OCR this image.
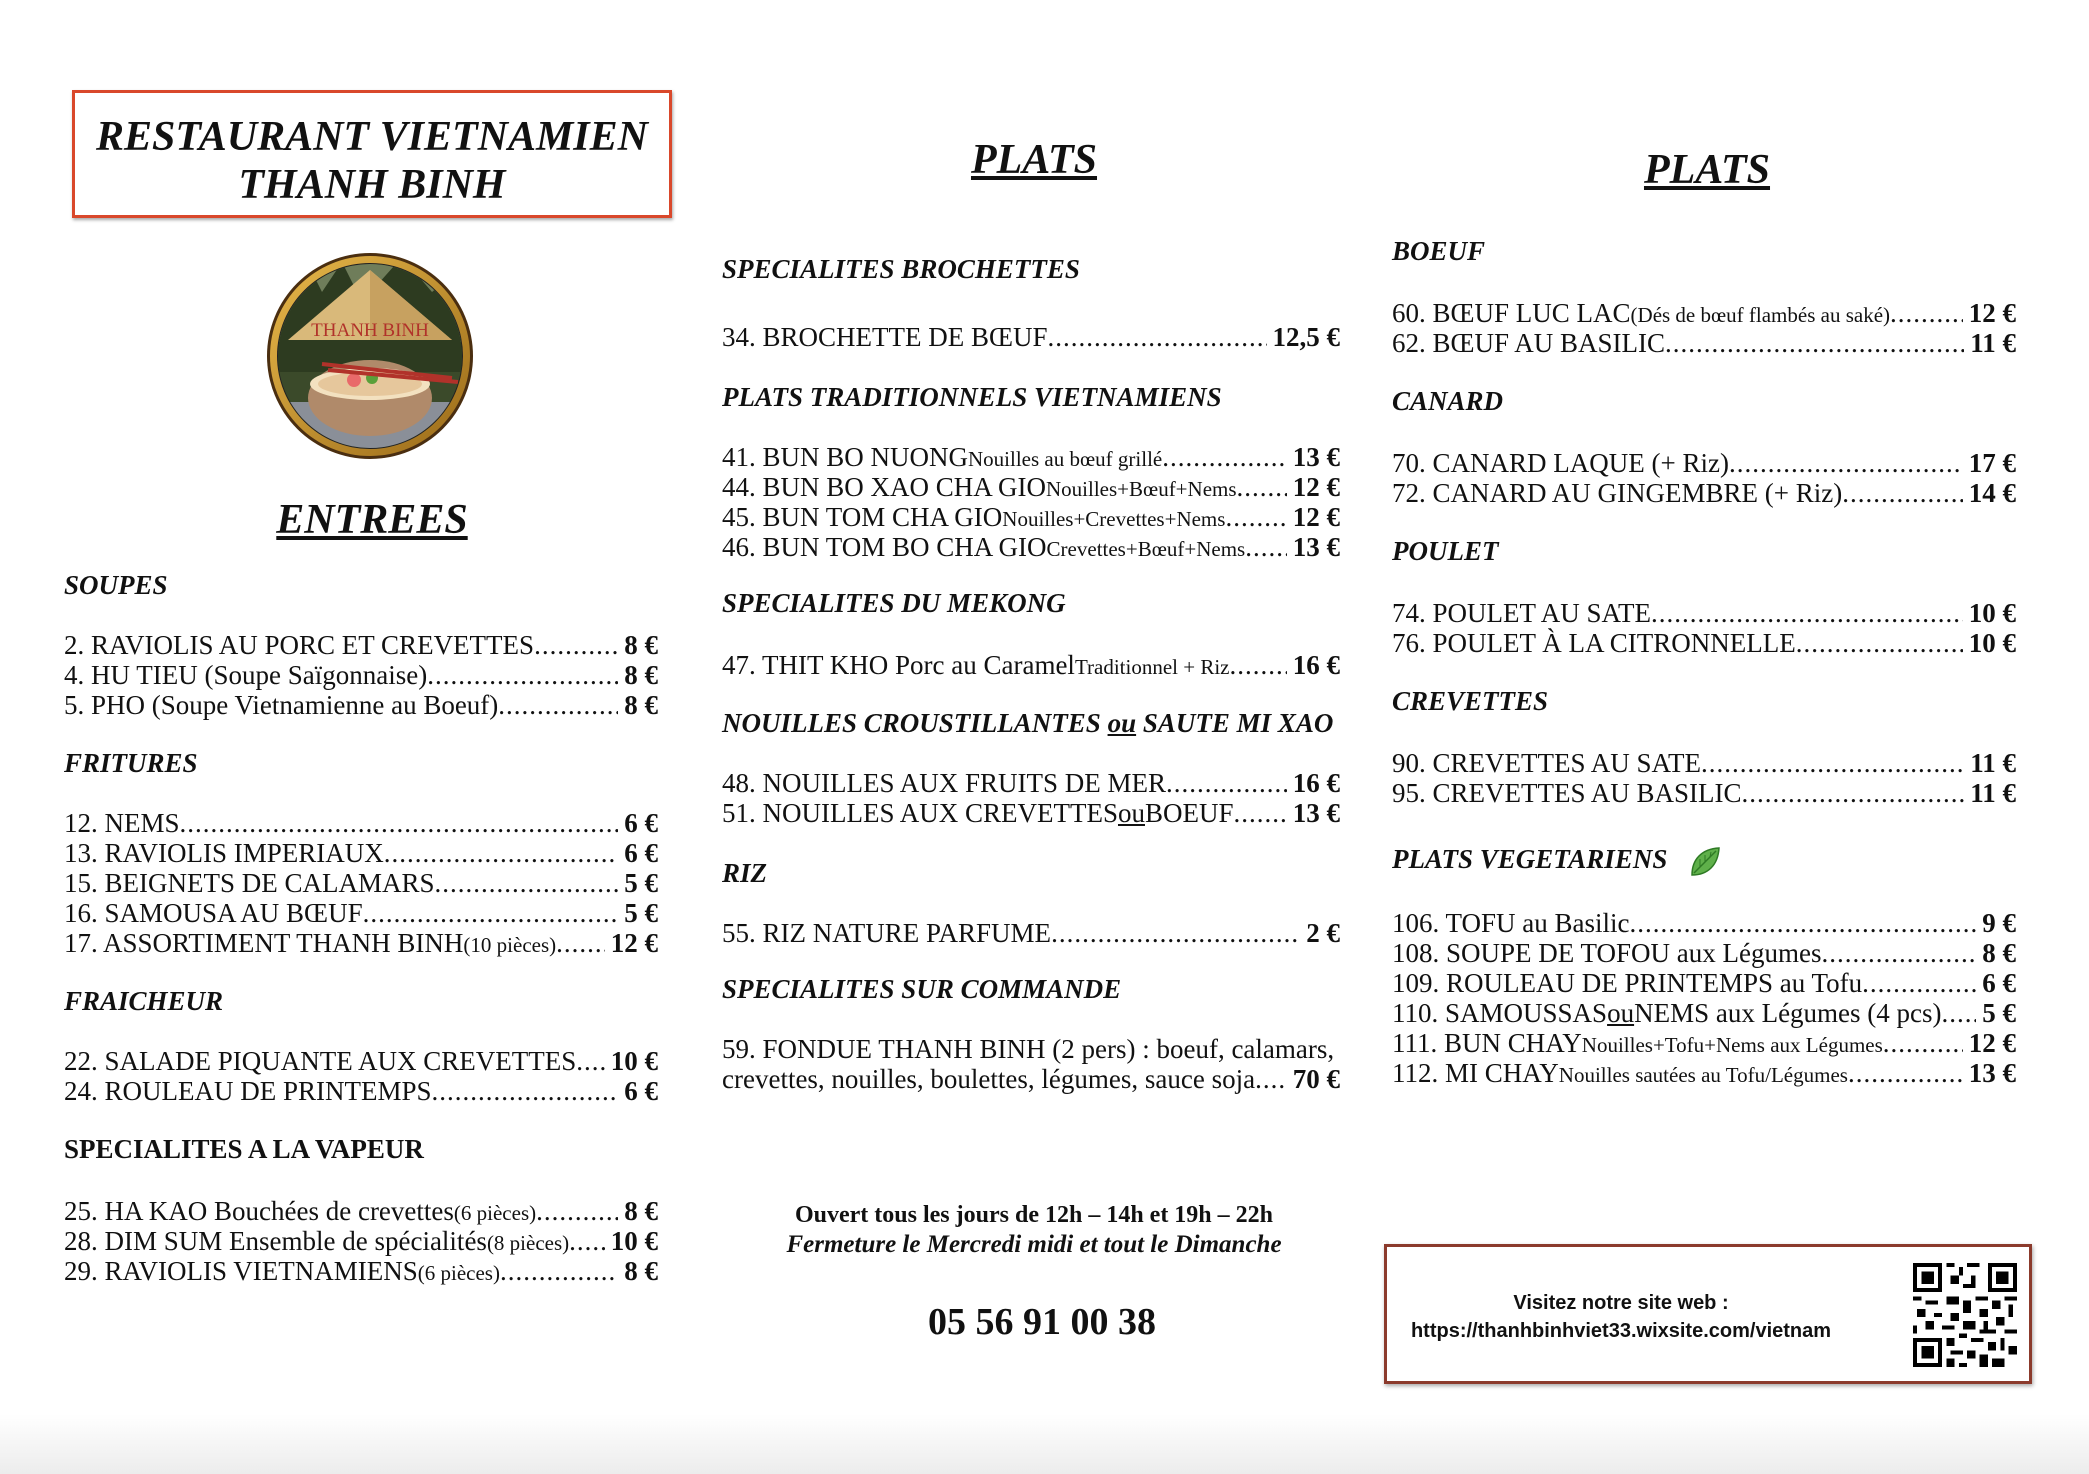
RESTAURANT VIETNAMIEN
THANH BINH
THANH BINH
ENTREES
SOUPES
2. RAVIOLIS AU PORC ET CREVETTES .....	8 €
4. HU TIEU (Soupe Saïgonnaise) .....	8 €
5. PHO (Soupe Vietnamienne au Boeuf) .....	8 €
FRITURES
12. NEMS .....	6 €
13. RAVIOLIS IMPERIAUX .....	6 €
15. BEIGNETS DE CALAMARS .....	5 €
16. SAMOUSA AU BŒUF .....	5 €
17. ASSORTIMENT THANH BINH (10 pièces) ..... 12 €
FRAICHEUR
22. SALADE PIQUANTE AUX CREVETTES ..... 10 €
24. ROULEAU DE PRINTEMPS .....	6 €
SPECIALITES A LA VAPEUR
25. HA KAO Bouchées de crevettes (6 pièces) .....	8 €
28. DIM SUM Ensemble de spécialités (8 pièces) ..... 10 €
29. RAVIOLIS VIETNAMIENS (6 pièces) .....	8 €
PLATS
SPECIALITES BROCHETTES
34. BROCHETTE DE BŒUF .....	12,5 €
PLATS TRADITIONNELS VIETNAMIENS
41. BUN BO NUONG Nouilles au bœuf grillé .....	13 €
44. BUN BO XAO CHA GIO Nouilles+Bœuf+Nems ..... 12 €
45. BUN TOM CHA GIO Nouilles+Crevettes+Nems ..... 12 €
46. BUN TOM BO CHA GIO Crevettes+Bœuf+Nems ..... 13 €
SPECIALITES DU MEKONG
47. THIT KHO Porc au Caramel Traditionnel + Riz ..... 16 €
NOUILLES CROUSTILLANTES ou SAUTE MI XAO
48. NOUILLES AUX FRUITS DE MER .....	16 €
51. NOUILLES AUX CREVETTES ou BOEUF ..... 13 €
RIZ
55. RIZ NATURE PARFUME .....	2 €
SPECIALITES SUR COMMANDE
59. FONDUE THANH BINH (2 pers) : boeuf, calamars,
crevettes, nouilles, boulettes, légumes, sauce soja ..... 70 €
Ouvert tous les jours de 12h – 14h et 19h – 22h
Fermeture le Mercredi midi et tout le Dimanche
05 56 91 00 38
PLATS
BOEUF
60. BŒUF LUC LAC (Dés de bœuf flambés au saké) .....	12 €
62. BŒUF AU BASILIC .....	11 €
CANARD
70. CANARD LAQUE (+ Riz) .....	17 €
72. CANARD AU GINGEMBRE (+ Riz) .....	14 €
POULET
74. POULET AU SATE .....	10 €
76. POULET À LA CITRONNELLE .....	10 €
CREVETTES
90. CREVETTES AU SATE .....	11 €
95. CREVETTES AU BASILIC .....	11 €
PLATS VEGETARIENS
106. TOFU au Basilic .....	9 €
108. SOUPE DE TOFOU aux Légumes .....	8 €
109. ROULEAU DE PRINTEMPS au Tofu .....	6 €
110. SAMOUSSAS ou NEMS aux Légumes (4 pcs) ..... 5 €
111. BUN CHAY Nouilles+Tofu+Nems aux Légumes .....	12 €
112. MI CHAY Nouilles sautées au Tofu/Légumes .....	13 €
Visitez notre site web :
https://thanhbinhviet33.wixsite.com/vietnam
